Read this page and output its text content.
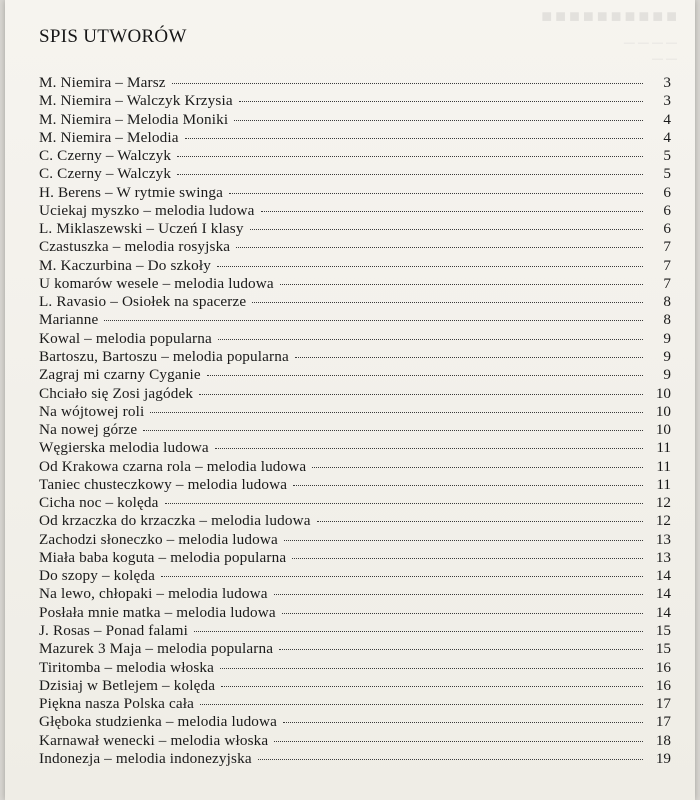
■■■■■■■■■■
— — — —
— —
SPIS UTWORÓW
M. Niemira – Marsz	3
M. Niemira – Walczyk Krzysia	3
M. Niemira – Melodia Moniki	4
M. Niemira – Melodia	4
C. Czerny – Walczyk	5
C. Czerny – Walczyk	5
H. Berens – W rytmie swinga	6
Uciekaj myszko – melodia ludowa	6
L. Miklaszewski – Uczeń I klasy	6
Czastuszka – melodia rosyjska	7
M. Kaczurbina – Do szkoły	7
U komarów wesele – melodia ludowa	7
L. Ravasio – Osiołek na spacerze	8
Marianne	8
Kowal – melodia popularna	9
Bartoszu, Bartoszu – melodia popularna	9
Zagraj mi czarny Cyganie	9
Chciało się Zosi jagódek	10
Na wójtowej roli	10
Na nowej górze	10
Węgierska melodia ludowa	11
Od Krakowa czarna rola – melodia ludowa	11
Taniec chusteczkowy – melodia ludowa	11
Cicha noc – kolęda	12
Od krzaczka do krzaczka – melodia ludowa	12
Zachodzi słoneczko – melodia ludowa	13
Miała baba koguta – melodia popularna	13
Do szopy – kolęda	14
Na lewo, chłopaki – melodia ludowa	14
Posłała mnie matka – melodia ludowa	14
J. Rosas – Ponad falami	15
Mazurek 3 Maja – melodia popularna	15
Tiritomba – melodia włoska	16
Dzisiaj w Betlejem – kolęda	16
Piękna nasza Polska cała	17
Głęboka studzienka – melodia ludowa	17
Karnawał wenecki – melodia włoska	18
Indonezja – melodia indonezyjska	19
